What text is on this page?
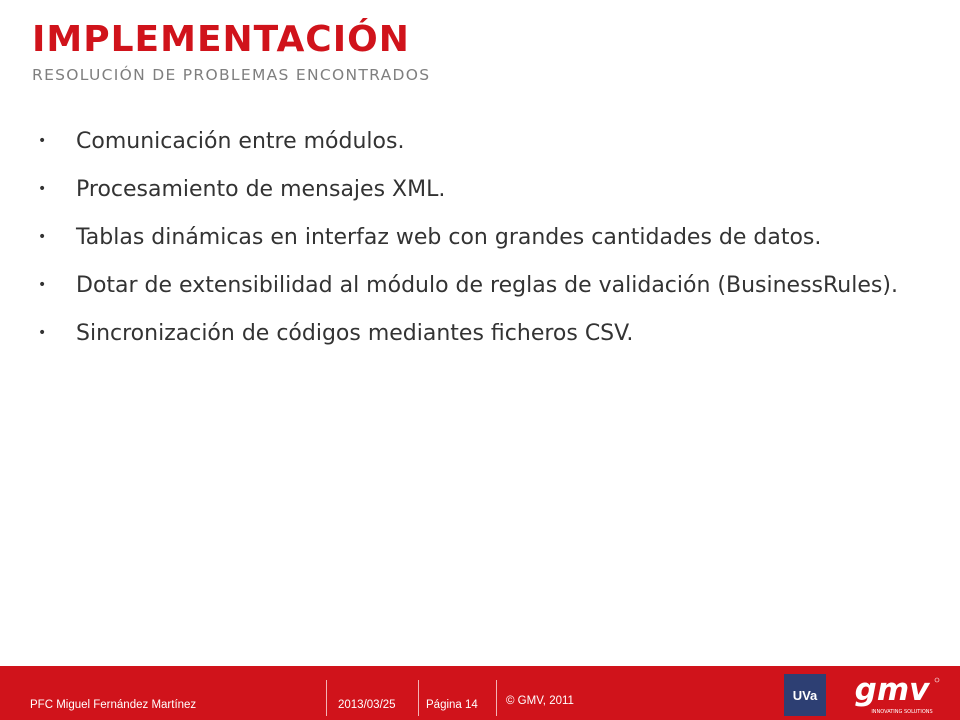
IMPLEMENTACIÓN
RESOLUCIÓN DE PROBLEMAS ENCONTRADOS
• Comunicación entre módulos.
• Procesamiento de mensajes XML.
• Tablas dinámicas en interfaz web con grandes cantidades de datos.
• Dotar de extensibilidad al módulo de reglas de validación (BusinessRules).
• Sincronización de códigos mediantes ficheros CSV.
PFC Miguel Fernández Martínez	2013/03/25	Página 14 © GMV, 2011	UVa gmv
INNOVATING SOLUTIONS
